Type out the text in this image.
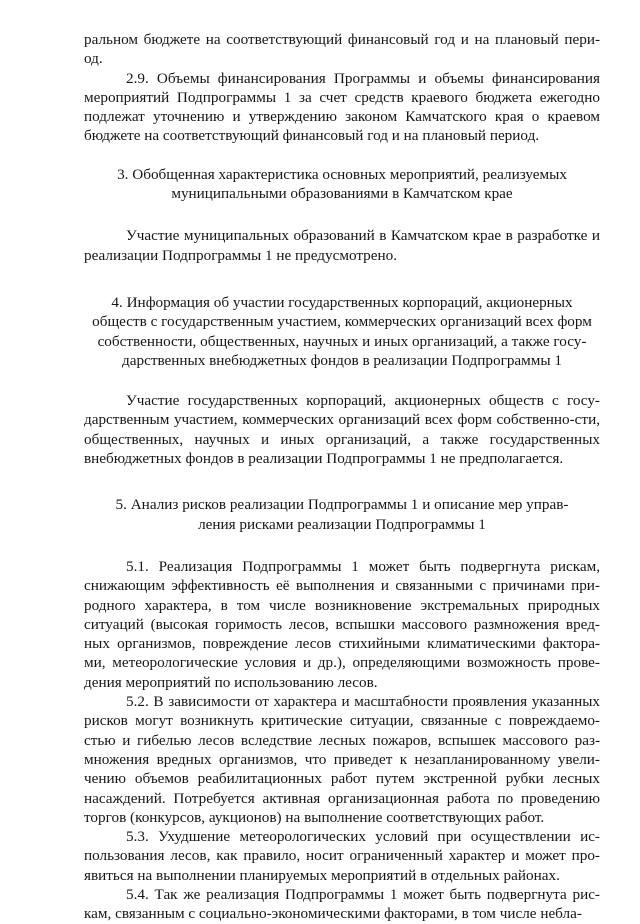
ральном бюджете на соответствующий финансовый год и на плановый пери-од.

2.9. Объемы финансирования Программы и объемы финансирования мероприятий Подпрограммы 1 за счет средств краевого бюджета ежегодно подлежат уточнению и утверждению законом Камчатского края о краевом бюджете на соответствующий финансовый год и на плановый период.

3. Обобщенная характеристика основных мероприятий, реализуемых
муниципальными образованиями в Камчатском крае

Участие муниципальных образований в Камчатском крае в разработке и реализации Подпрограммы 1 не предусмотрено.

4. Информация об участии государственных корпораций, акционерных
обществ с государственным участием, коммерческих организаций всех форм
собственности, общественных, научных и иных организаций, а также госу-
дарственных внебюджетных фондов в реализации Подпрограммы 1

Участие государственных корпораций, акционерных обществ с госу-дарственным участием, коммерческих организаций всех форм собственно-сти, общественных, научных и иных организаций, а также государственных внебюджетных фондов в реализации Подпрограммы 1 не предполагается.

5. Анализ рисков реализации Подпрограммы 1 и описание мер управ-
ления рисками реализации Подпрограммы 1

5.1. Реализация Подпрограммы 1 может быть подвергнута рискам, снижающим эффективность её выполнения и связанными с причинами при-родного характера, в том числе возникновение экстремальных природных ситуаций (высокая горимость лесов, вспышки массового размножения вред-ных организмов, повреждение лесов стихийными климатическими фактора-ми, метеорологические условия и др.), определяющими возможность прове-дения мероприятий по использованию лесов.

5.2. В зависимости от характера и масштабности проявления указанных рисков могут возникнуть критические ситуации, связанные с повреждаемо-стью и гибелью лесов вследствие лесных пожаров, вспышек массового раз-множения вредных организмов, что приведет к незапланированному увели-чению объемов реабилитационных работ путем экстренной рубки лесных насаждений. Потребуется активная организационная работа по проведению торгов (конкурсов, аукционов) на выполнение соответствующих работ.

5.3. Ухудшение метеорологических условий при осуществлении ис-пользования лесов, как правило, носит ограниченный характер и может про-явиться на выполнении планируемых мероприятий в отдельных районах.

5.4. Так же реализация Подпрограммы 1 может быть подвергнута рис-кам, связанным с социально-экономическими факторами, в том числе небла-
